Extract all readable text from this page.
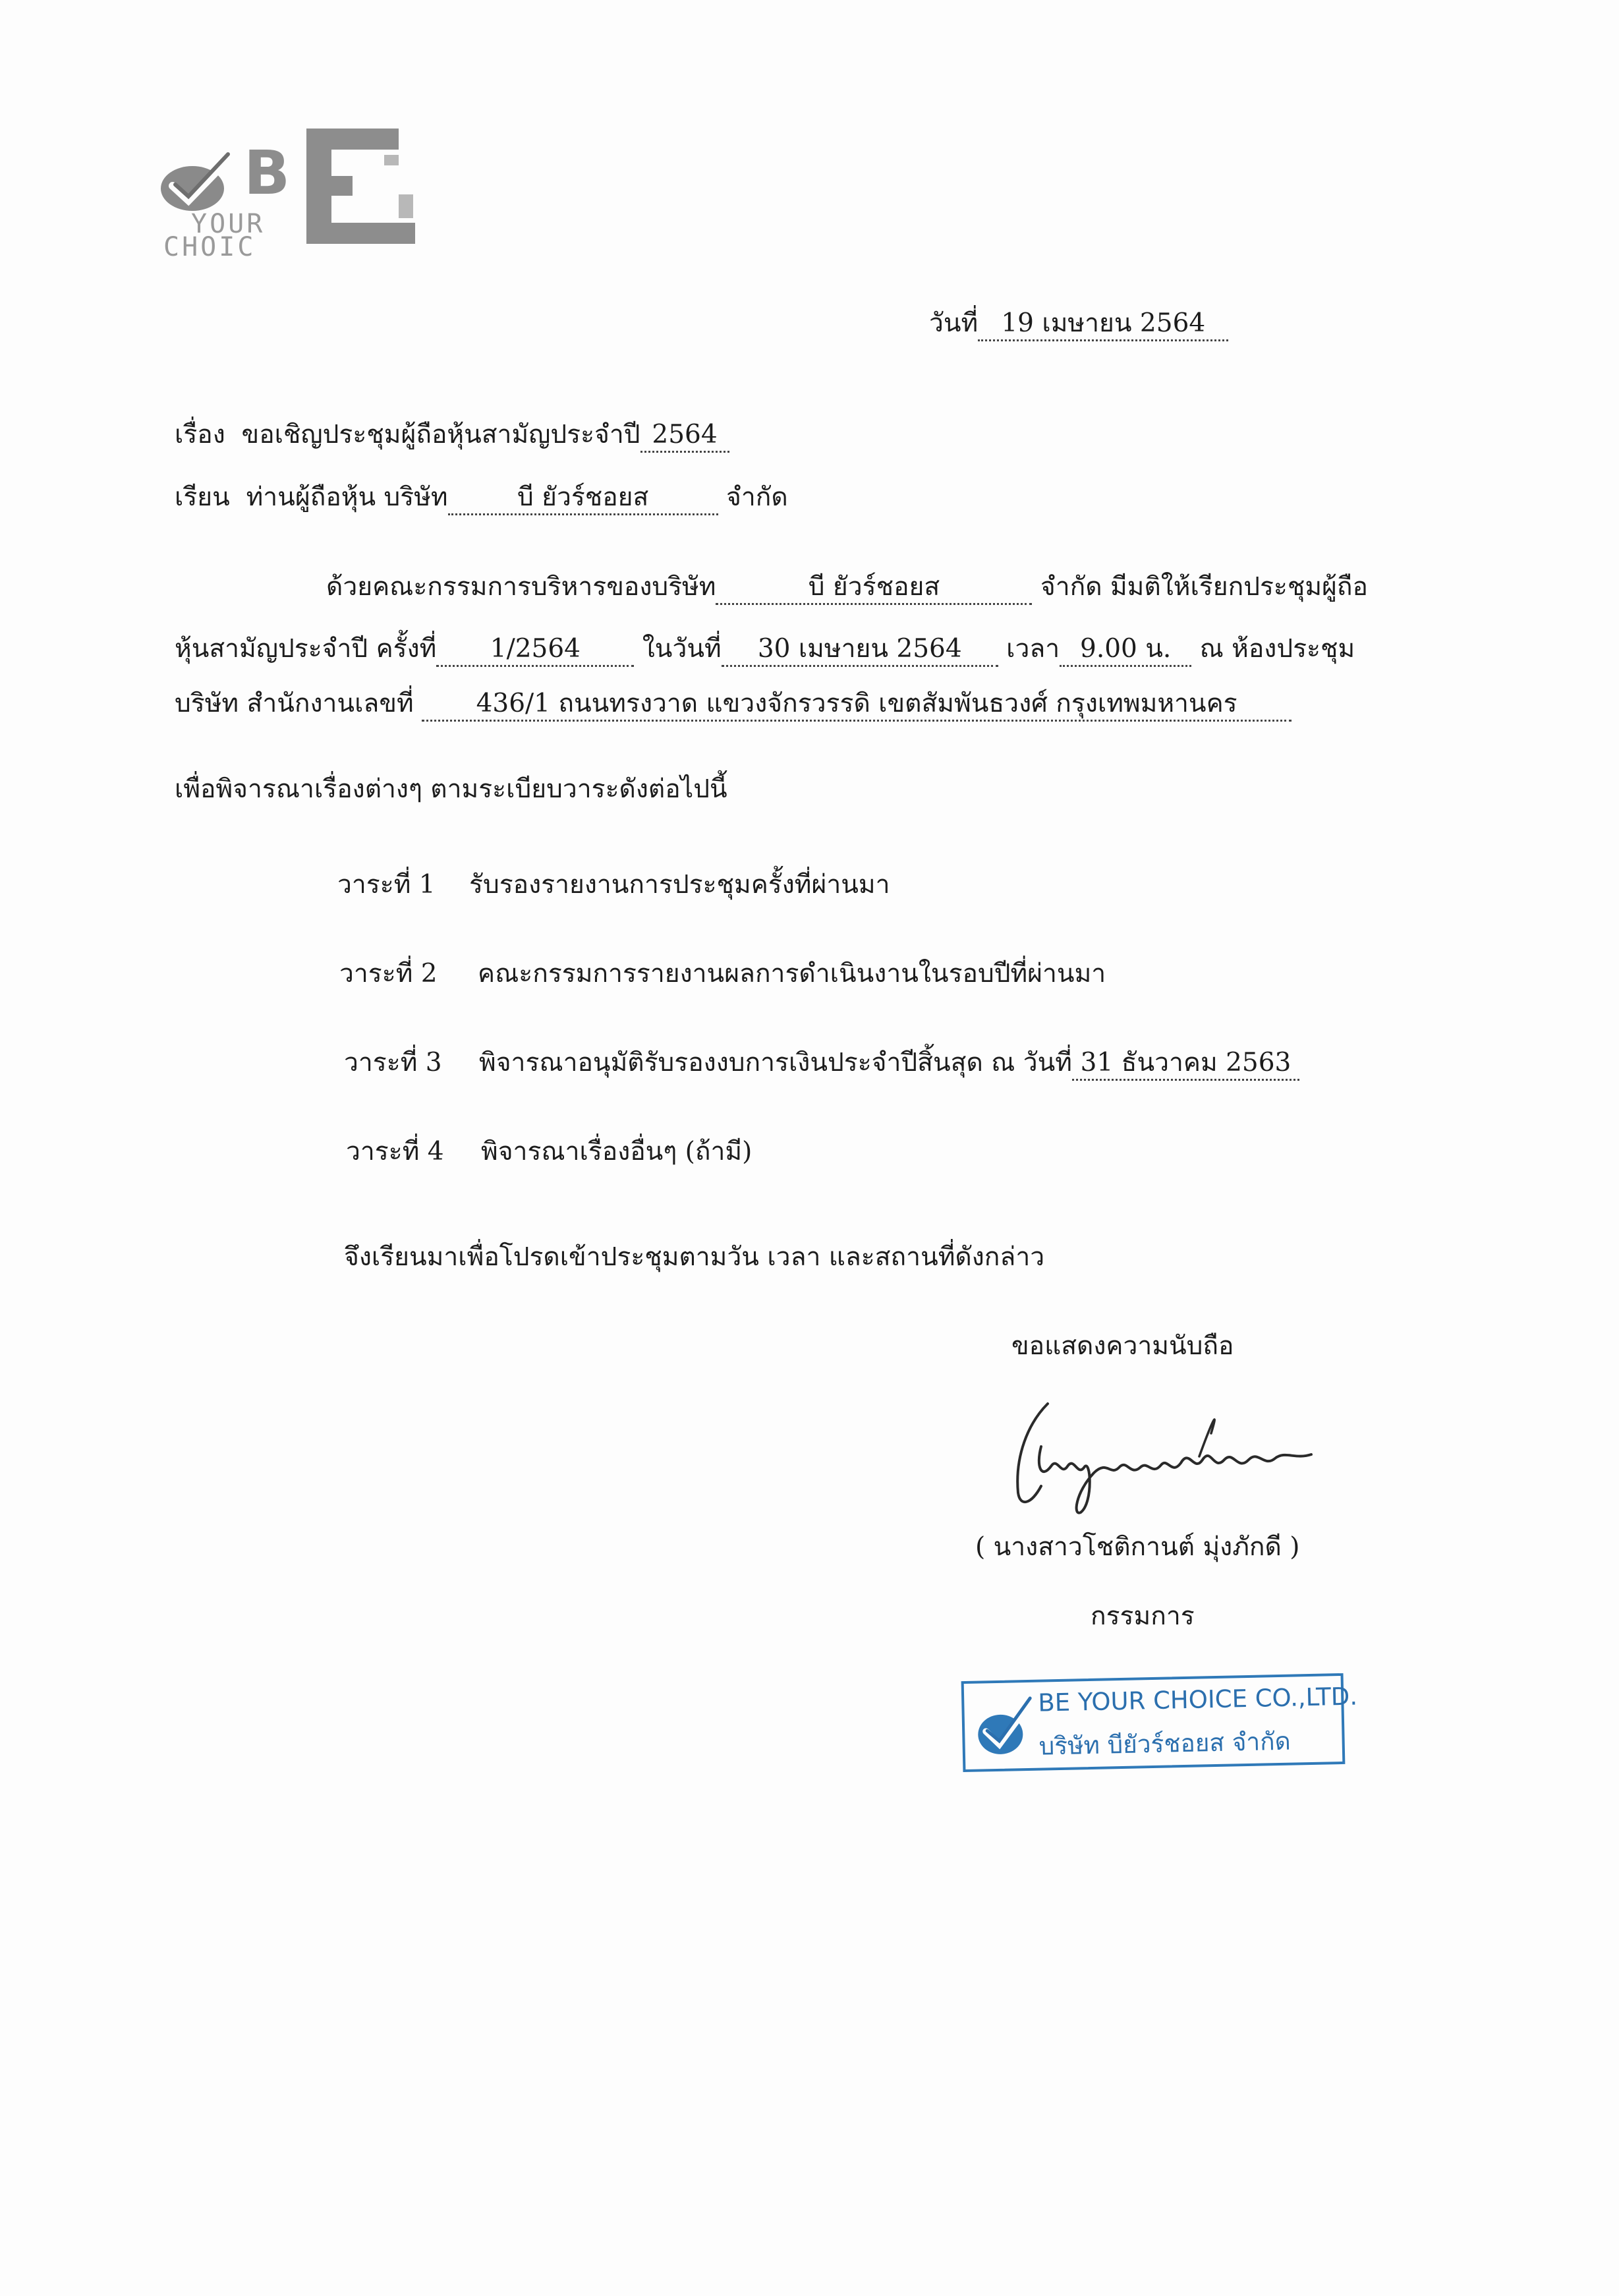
B
YOUR
CHOIC
วันที่ 19 เมษายน 2564
เรื่อง ขอเชิญประชุมผู้ถือหุ้นสามัญประจำปี 2564
เรียน ท่านผู้ถือหุ้น บริษัท	บี ยัวร์ชอยส	จำกัด
ด้วยคณะกรรมการบริหารของบริษัท	บี ยัวร์ชอยส	จำกัด มีมติให้เรียกประชุมผู้ถือ
หุ้นสามัญประจำปี ครั้งที่ 1/2564 ในวันที่ 30 เมษายน 2564 เวลา 9.00 น. ณ ห้องประชุม
บริษัท สำนักงานเลขที่ 436/1 ถนนทรงวาด แขวงจักรวรรดิ เขตสัมพันธวงศ์ กรุงเทพมหานคร
เพื่อพิจารณาเรื่องต่างๆ ตามระเบียบวาระดังต่อไปนี้
วาระที่ 1 รับรองรายงานการประชุมครั้งที่ผ่านมา
วาระที่ 2 คณะกรรมการรายงานผลการดำเนินงานในรอบปีที่ผ่านมา
วาระที่ 3 พิจารณาอนุมัติรับรองงบการเงินประจำปีสิ้นสุด ณ วันที่ 31 ธันวาคม 2563
วาระที่ 4 พิจารณาเรื่องอื่นๆ (ถ้ามี)
จึงเรียนมาเพื่อโปรดเข้าประชุมตามวัน เวลา และสถานที่ดังกล่าว
ขอแสดงความนับถือ
( นางสาวโชติกานต์ มุ่งภักดี )
กรรมการ
BE YOUR CHOICE CO.,LTD.
บริษัท บียัวร์ชอยส จำกัด
